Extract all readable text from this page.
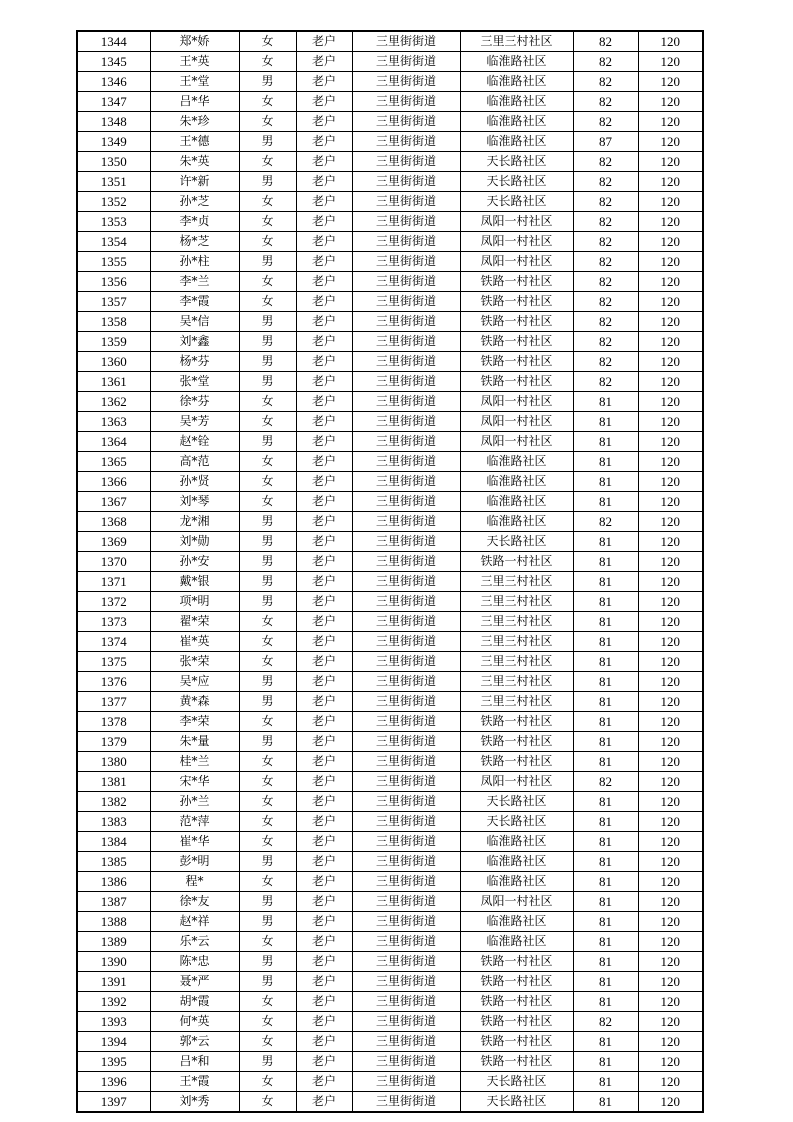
1344	郑*娇	女	老户	三里街街道	三里三村社区	82	120
1345	王*英	女	老户	三里街街道	临淮路社区	82	120
1346	王*堂	男	老户	三里街街道	临淮路社区	82	120
1347	吕*华	女	老户	三里街街道	临淮路社区	82	120
1348	朱*珍	女	老户	三里街街道	临淮路社区	82	120
1349	王*德	男	老户	三里街街道	临淮路社区	87	120
1350	朱*英	女	老户	三里街街道	天长路社区	82	120
1351	许*新	男	老户	三里街街道	天长路社区	82	120
1352	孙*芝	女	老户	三里街街道	天长路社区	82	120
1353	李*贞	女	老户	三里街街道	凤阳一村社区	82	120
1354	杨*芝	女	老户	三里街街道	凤阳一村社区	82	120
1355	孙*柱	男	老户	三里街街道	凤阳一村社区	82	120
1356	李*兰	女	老户	三里街街道	铁路一村社区	82	120
1357	李*霞	女	老户	三里街街道	铁路一村社区	82	120
1358	吴*信	男	老户	三里街街道	铁路一村社区	82	120
1359	刘*鑫	男	老户	三里街街道	铁路一村社区	82	120
1360	杨*芬	男	老户	三里街街道	铁路一村社区	82	120
1361	张*堂	男	老户	三里街街道	铁路一村社区	82	120
1362	徐*芬	女	老户	三里街街道	凤阳一村社区	81	120
1363	吴*芳	女	老户	三里街街道	凤阳一村社区	81	120
1364	赵*铨	男	老户	三里街街道	凤阳一村社区	81	120
1365	高*范	女	老户	三里街街道	临淮路社区	81	120
1366	孙*贤	女	老户	三里街街道	临淮路社区	81	120
1367	刘*琴	女	老户	三里街街道	临淮路社区	81	120
1368	龙*湘	男	老户	三里街街道	临淮路社区	82	120
1369	刘*勋	男	老户	三里街街道	天长路社区	81	120
1370	孙*安	男	老户	三里街街道	铁路一村社区	81	120
1371	戴*银	男	老户	三里街街道	三里三村社区	81	120
1372	项*明	男	老户	三里街街道	三里三村社区	81	120
1373	翟*荣	女	老户	三里街街道	三里三村社区	81	120
1374	崔*英	女	老户	三里街街道	三里三村社区	81	120
1375	张*荣	女	老户	三里街街道	三里三村社区	81	120
1376	吴*应	男	老户	三里街街道	三里三村社区	81	120
1377	黄*森	男	老户	三里街街道	三里三村社区	81	120
1378	李*荣	女	老户	三里街街道	铁路一村社区	81	120
1379	朱*量	男	老户	三里街街道	铁路一村社区	81	120
1380	桂*兰	女	老户	三里街街道	铁路一村社区	81	120
1381	宋*华	女	老户	三里街街道	凤阳一村社区	82	120
1382	孙*兰	女	老户	三里街街道	天长路社区	81	120
1383	范*萍	女	老户	三里街街道	天长路社区	81	120
1384	崔*华	女	老户	三里街街道	临淮路社区	81	120
1385	彭*明	男	老户	三里街街道	临淮路社区	81	120
1386	程*	女	老户	三里街街道	临淮路社区	81	120
1387	徐*友	男	老户	三里街街道	凤阳一村社区	81	120
1388	赵*祥	男	老户	三里街街道	临淮路社区	81	120
1389	乐*云	女	老户	三里街街道	临淮路社区	81	120
1390	陈*忠	男	老户	三里街街道	铁路一村社区	81	120
1391	聂*严	男	老户	三里街街道	铁路一村社区	81	120
1392	胡*霞	女	老户	三里街街道	铁路一村社区	81	120
1393	何*英	女	老户	三里街街道	铁路一村社区	82	120
1394	郭*云	女	老户	三里街街道	铁路一村社区	81	120
1395	吕*和	男	老户	三里街街道	铁路一村社区	81	120
1396	王*霞	女	老户	三里街街道	天长路社区	81	120
1397	刘*秀	女	老户	三里街街道	天长路社区	81	120
